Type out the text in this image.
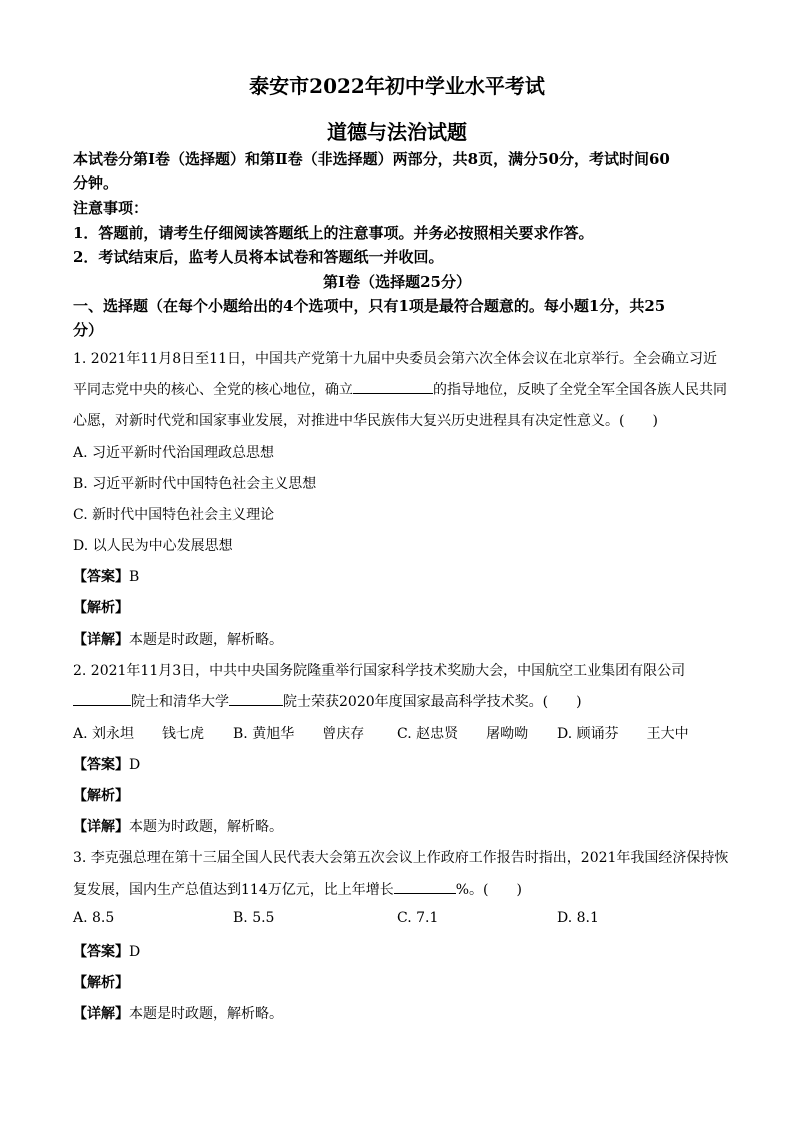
泰安市2022年初中学业水平考试
道德与法治试题
本试卷分第Ⅰ卷（选择题）和第Ⅱ卷（非选择题）两部分，共8页，满分50分，考试时间60
分钟。
注意事项：
1．答题前，请考生仔细阅读答题纸上的注意事项。并务必按照相关要求作答。
2．考试结束后，监考人员将本试卷和答题纸一并收回。
第Ⅰ卷（选择题25分）
一、选择题（在每个小题给出的4个选项中，只有1项是最符合题意的。每小题1分，共25
分）
1. 2021年11月8日至11日，中国共产党第十九届中央委员会第六次全体会议在北京举行。全会确立习近
平同志党中央的核心、全党的核心地位，确立	的指导地位，反映了全党全军全国各族人民共同
心愿，对新时代党和国家事业发展，对推进中华民族伟大复兴历史进程具有决定性意义。(　　)
A. 习近平新时代治国理政总思想
B. 习近平新时代中国特色社会主义思想
C. 新时代中国特色社会主义理论
D. 以人民为中心发展思想
【答案】B
【解析】
【详解】本题是时政题，解析略。
2. 2021年11月3日，中共中央国务院隆重举行国家科学技术奖励大会，中国航空工业集团有限公司
院士和清华大学	院士荣获2020年度国家最高科学技术奖。(　　)
A. 刘永坦　　钱七虎 B. 黄旭华　　曾庆存 C. 赵忠贤　　屠呦呦 D. 顾诵芬　　王大中
【答案】D
【解析】
【详解】本题为时政题，解析略。
3. 李克强总理在第十三届全国人民代表大会第五次会议上作政府工作报告时指出，2021年我国经济保持恢
复发展，国内生产总值达到114万亿元，比上年增长	%。(　　)
A. 8.5	B. 5.5	C. 7.1	D. 8.1
【答案】D
【解析】
【详解】本题是时政题，解析略。
